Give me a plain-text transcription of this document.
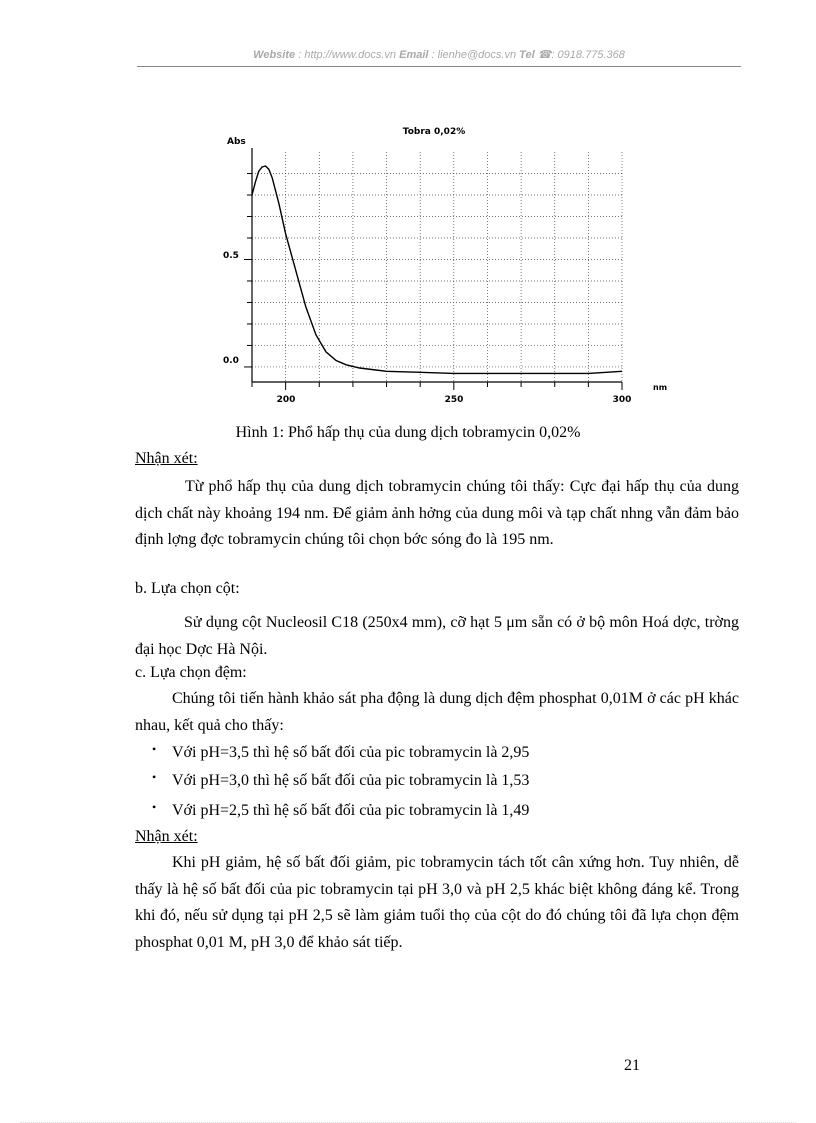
Website : http://www.docs.vn Email : lienhe@docs.vn Tel ☎: 0918.775.368
Tobra 0,02%
Abs
nm
200	250	300
0.5
0.0
Hình 1: Phổ hấp thụ của dung dịch tobramycin 0,02%
Nhận xét:
Từ phổ hấp thụ của dung dịch tobramycin chúng tôi thấy: Cực đại hấp thụ của dung dịch chất này khoảng 194 nm. Để giảm ảnh hởng của dung môi và tạp chất nhng vẫn đảm bảo định lợng đợc tobramycin chúng tôi chọn bớc sóng đo là 195 nm.
b. Lựa chọn cột:
Sử dụng cột Nucleosil C18 (250x4 mm), cỡ hạt 5 μm sẵn có ở bộ môn Hoá dợc, trờng đại học Dợc Hà Nội.
c. Lựa chọn đệm:
Chúng tôi tiến hành khảo sát pha động là dung dịch đệm phosphat 0,01M ở các pH khác nhau, kết quả cho thấy:
• Với pH=3,5 thì hệ số bất đối của pic tobramycin là 2,95
• Với pH=3,0 thì hệ số bất đối của pic tobramycin là 1,53
• Với pH=2,5 thì hệ số bất đối của pic tobramycin là 1,49
Nhận xét:
Khi pH giảm, hệ số bất đối giảm, pic tobramycin tách tốt cân xứng hơn. Tuy nhiên, dễ thấy là hệ số bất đối của pic tobramycin tại pH 3,0 và pH 2,5 khác biệt không đáng kể. Trong khi đó, nếu sử dụng tại pH 2,5 sẽ làm giảm tuổi thọ của cột do đó chúng tôi đã lựa chọn đệm phosphat 0,01 M, pH 3,0 để khảo sát tiếp.
21
